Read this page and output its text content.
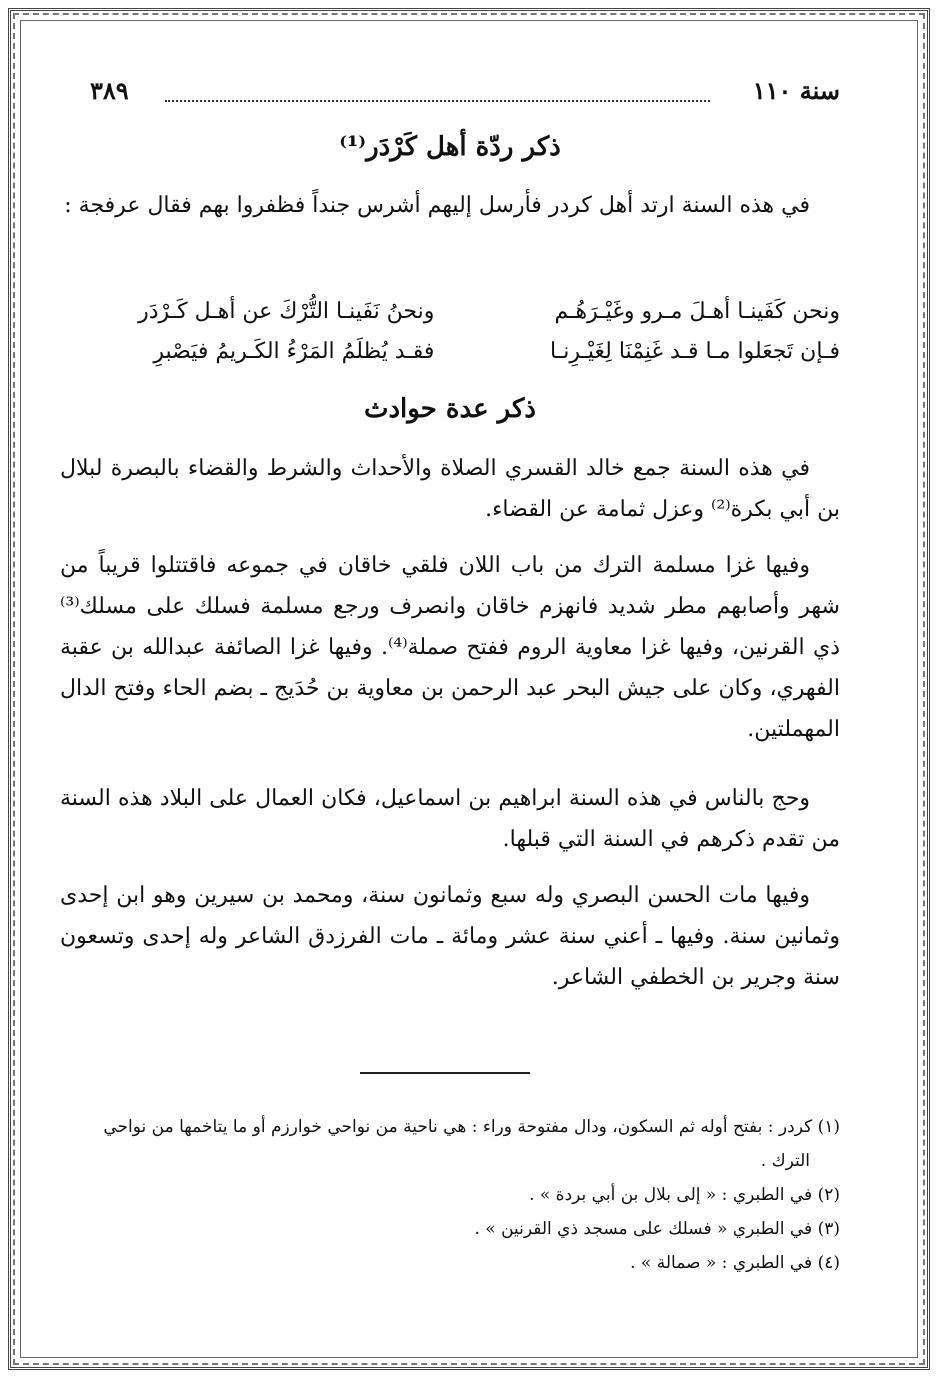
سنة ١١٠
٣٨٩
ذكر ردّة أهل كَرْدَر⁽¹⁾
في هذه السنة ارتد أهل كردر فأرسل إليهم أشرس جنداً فظفروا بهم فقال عرفجة :
ونحن كَفَينـا أهـلَ مـرو وغَيْـرَهُـم
ونحنُ نَفَينـا التُّرْكَ عن أهـل كَـرْدَر
فـإن تَجعَلوا مـا قـد غَنِمْنَا لِغَيْـرِنـا
فقـد يُظلَمُ المَرْءُ الكَـريمُ فيَصْبرِ
ذكر عدة حوادث
في هذه السنة جمع خالد القسري الصلاة والأحداث والشرط والقضاء بالبصرة لبلال بن أبي بكرة⁽²⁾ وعزل ثمامة عن القضاء.
وفيها غزا مسلمة الترك من باب اللان فلقي خاقان في جموعه فاقتتلوا قريباً من شهر وأصابهم مطر شديد فانهزم خاقان وانصرف ورجع مسلمة فسلك على مسلك⁽³⁾ ذي القرنين، وفيها غزا معاوية الروم ففتح صملة⁽⁴⁾. وفيها غزا الصائفة عبدالله بن عقبة الفهري، وكان على جيش البحر عبد الرحمن بن معاوية بن حُدَيج ـ بضم الحاء وفتح الدال المهملتين.
وحج بالناس في هذه السنة ابراهيم بن اسماعيل، فكان العمال على البلاد هذه السنة من تقدم ذكرهم في السنة التي قبلها.
وفيها مات الحسن البصري وله سبع وثمانون سنة، ومحمد بن سيرين وهو ابن إحدى وثمانين سنة. وفيها ـ أعني سنة عشر ومائة ـ مات الفرزدق الشاعر وله إحدى وتسعون سنة وجرير بن الخطفي الشاعر.
(١) كردر : بفتح أوله ثم السكون، ودال مفتوحة وراء : هي ناحية من نواحي خوارزم أو ما يتاخمها من نواحي الترك .
(٢) في الطبري : « إلى بلال بن أبي بردة » .
(٣) في الطبري « فسلك على مسجد ذي القرنين » .
(٤) في الطبري : « صمالة » .
